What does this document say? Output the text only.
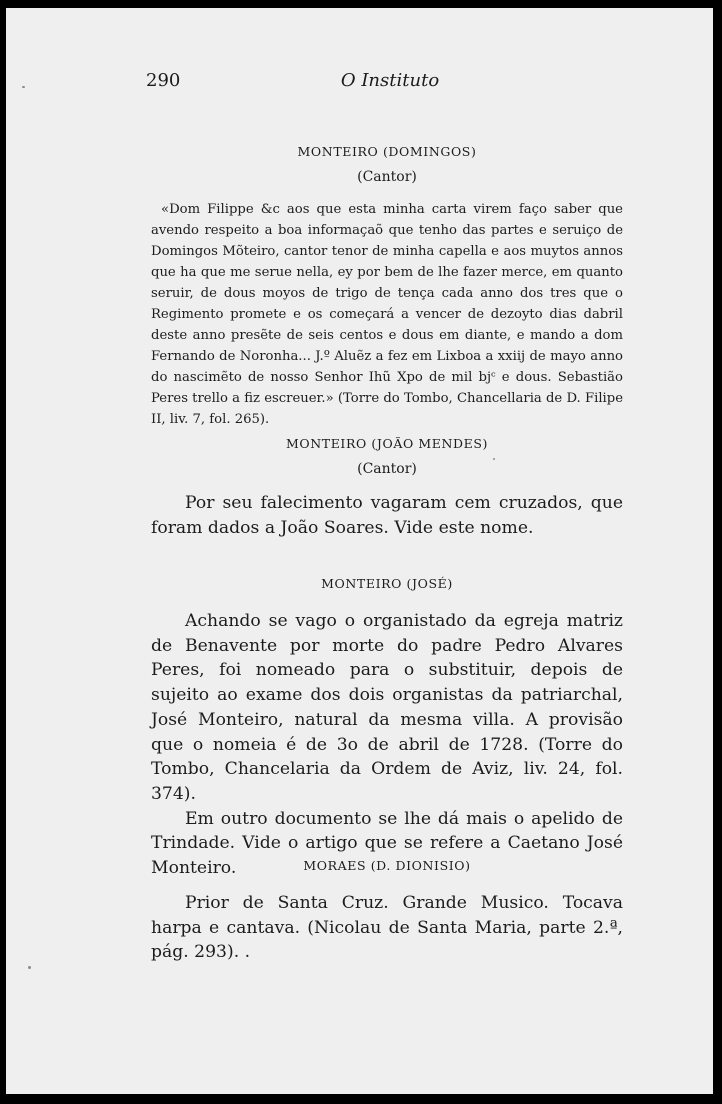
290	O Instituto
MONTEIRO (DOMINGOS)
(Cantor)

«Dom Filippe &c aos que esta minha carta virem faço saber que avendo respeito a boa informaçaõ que tenho das partes e seruiço de Domingos Mõteiro, cantor tenor de minha capella e aos muytos annos que ha que me serue nella, ey por bem de lhe fazer merce, em quanto seruir, de dous moyos de trigo de tença cada anno dos tres que o Regimento promete e os começará a vencer de dezoyto dias dabril deste anno presẽte de seis centos e dous em diante, e mando a dom Fernando de Noronha... J.º Aluẽz a fez em Lixboa a xxiij de mayo anno do nascimẽto de nosso Senhor Ihũ Xpo de mil bjᶜ e dous. Sebastião Peres trello a fiz escreuer.» (Torre do Tombo, Chancellaria de D. Filipe II, liv. 7, fol. 265).

MONTEIRO (JOÃO MENDES)
(Cantor)

Por seu falecimento vagaram cem cruzados, que foram dados a João Soares. Vide este nome.

MONTEIRO (JOSÉ)

Achando se vago o organistado da egreja matriz de Benavente por morte do padre Pedro Alvares Peres, foi nomeado para o substituir, depois de sujeito ao exame dos dois organistas da patriarchal, José Monteiro, natural da mesma villa. A provisão que o nomeia é de 3o de abril de 1728. (Torre do Tombo, Chancelaria da Ordem de Aviz, liv. 24, fol. 374).

Em outro documento se lhe dá mais o apelido de Trindade. Vide o artigo que se refere a Caetano José Monteiro.	MORAES (D. DIONISIO)

Prior de Santa Cruz. Grande Musico. Tocava harpa e cantava. (Nicolau de Santa Maria, parte 2.ª, pág. 293). .
